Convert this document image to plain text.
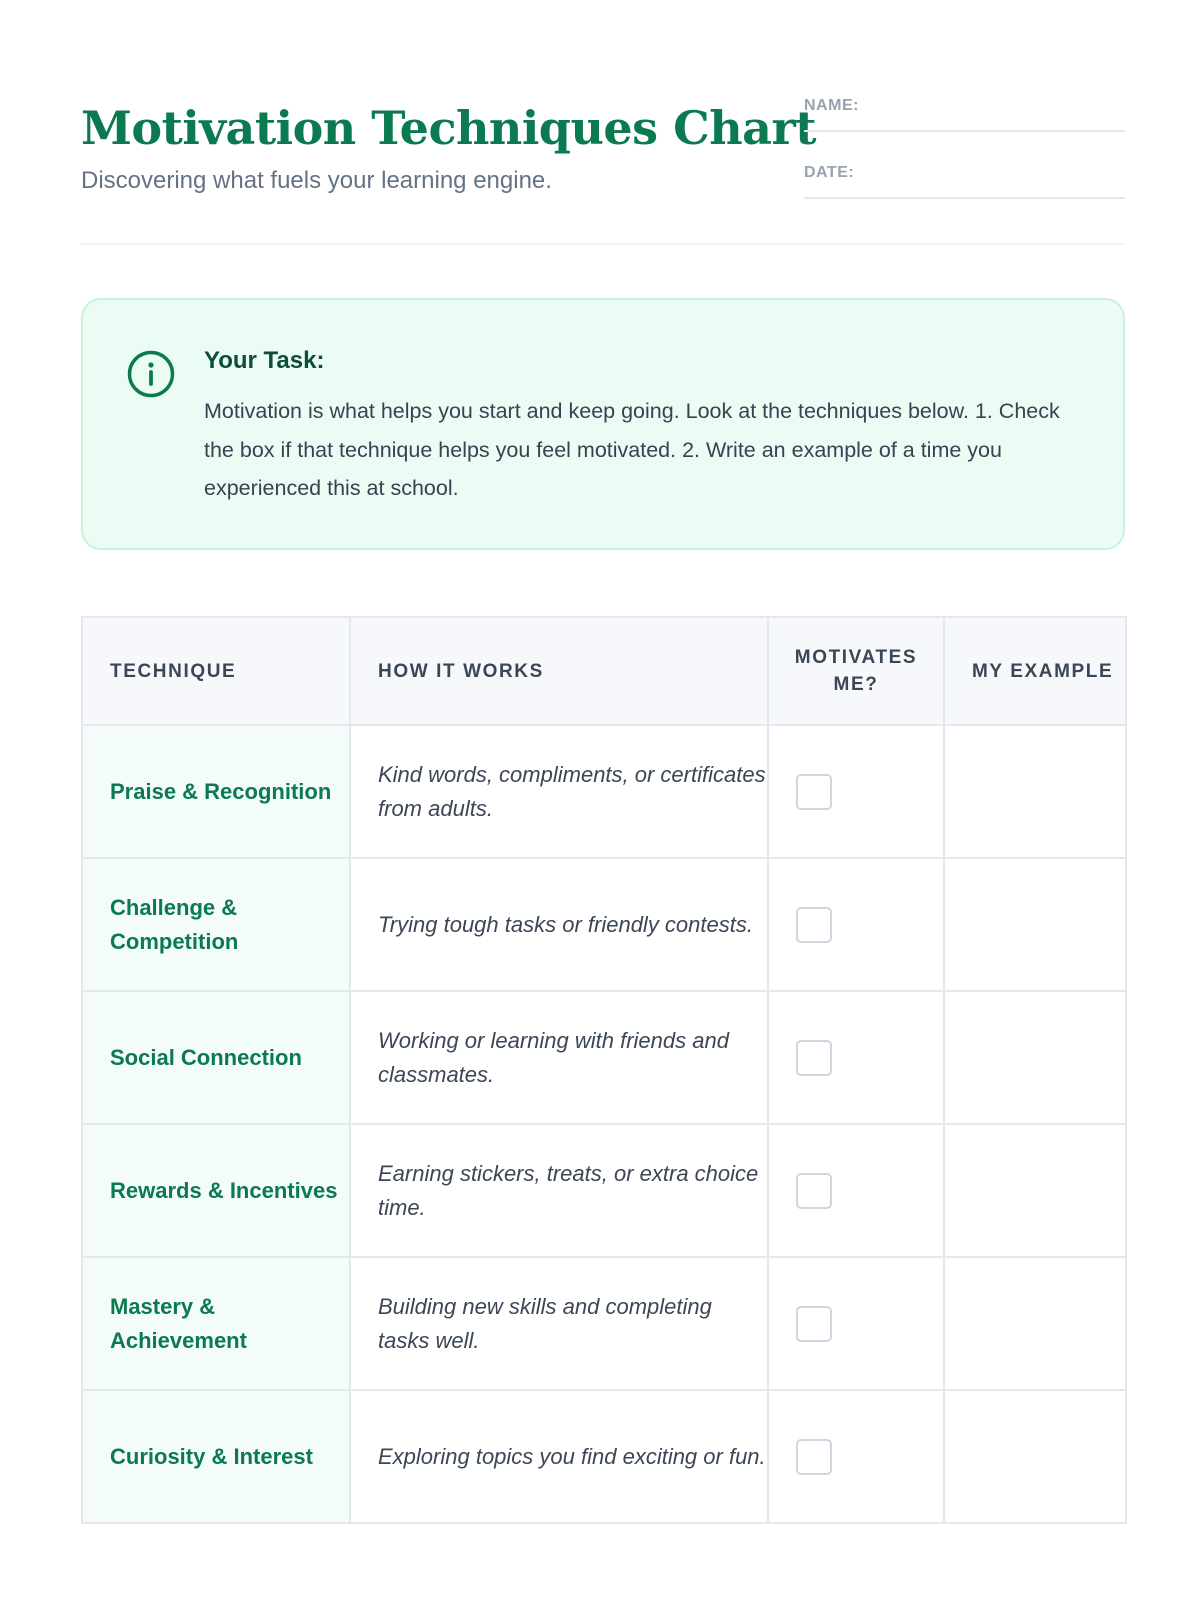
Motivation Techniques Chart

Discovering what fuels your learning engine.

NAME:
DATE:
Your Task:

Motivation is what helps you start and keep going. Look at the techniques below. 1. Check the box if that technique helps you feel motivated. 2. Write an example of a time you experienced this at school.

TECHNIQUE	HOW IT WORKS	MOTIVATES ME?	MY EXAMPLE
Praise & Recognition	Kind words, compliments, or certificates from adults.		
Challenge & Competition	Trying tough tasks or friendly contests.		
Social Connection	Working or learning with friends and classmates.		
Rewards & Incentives	Earning stickers, treats, or extra choice time.		
Mastery & Achievement	Building new skills and completing tasks well.		
Curiosity & Interest	Exploring topics you find exciting or fun.		
